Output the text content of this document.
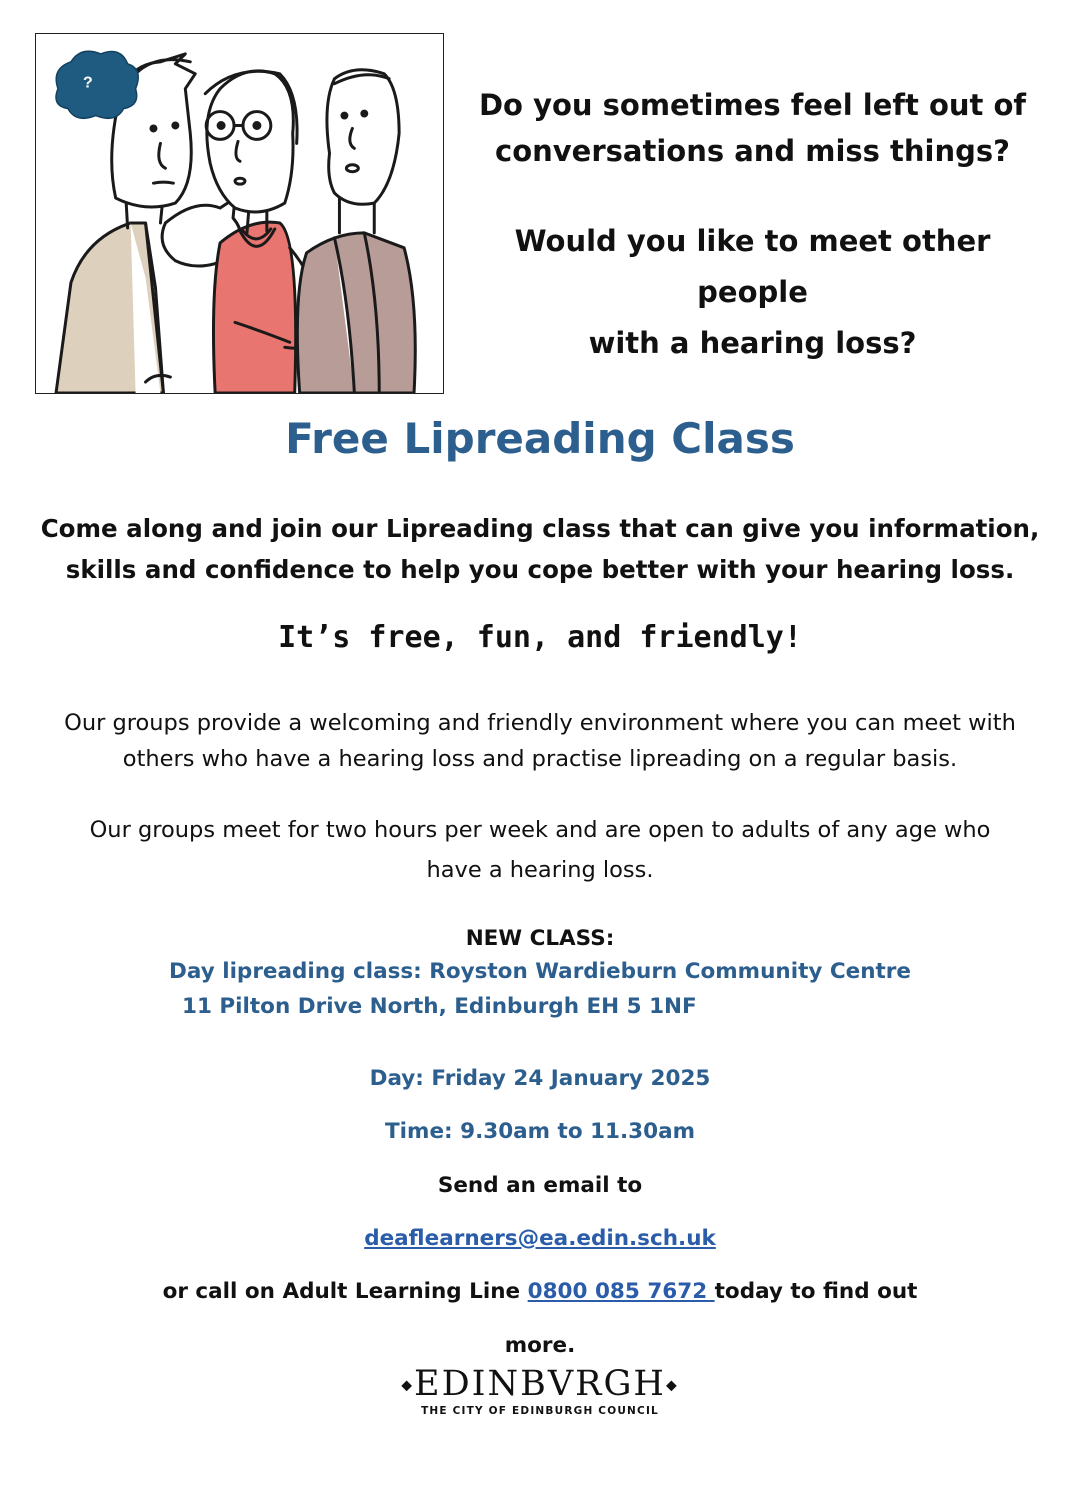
?
Do you sometimes feel left out of
conversations and miss things?
Would you like to meet other people
with a hearing loss?
Free Lipreading Class
Come along and join our Lipreading class that can give you information,
skills and confidence to help you cope better with your hearing loss.
It’s free, fun, and friendly!
Our groups provide a welcoming and friendly environment where you can meet with
others who have a hearing loss and practise lipreading on a regular basis.
Our groups meet for two hours per week and are open to adults of any age who
have a hearing loss.
NEW CLASS:
Day lipreading class: Royston Wardieburn Community Centre
11 Pilton Drive North, Edinburgh EH 5 1NF
Day: Friday 24 January 2025
Time: 9.30am to 11.30am
Send an email to
deaflearners@ea.edin.sch.uk
or call on Adult Learning Line 0800 085 7672 today to find out
more.
◆EDINBVRGH◆
THE CITY OF EDINBURGH COUNCIL
